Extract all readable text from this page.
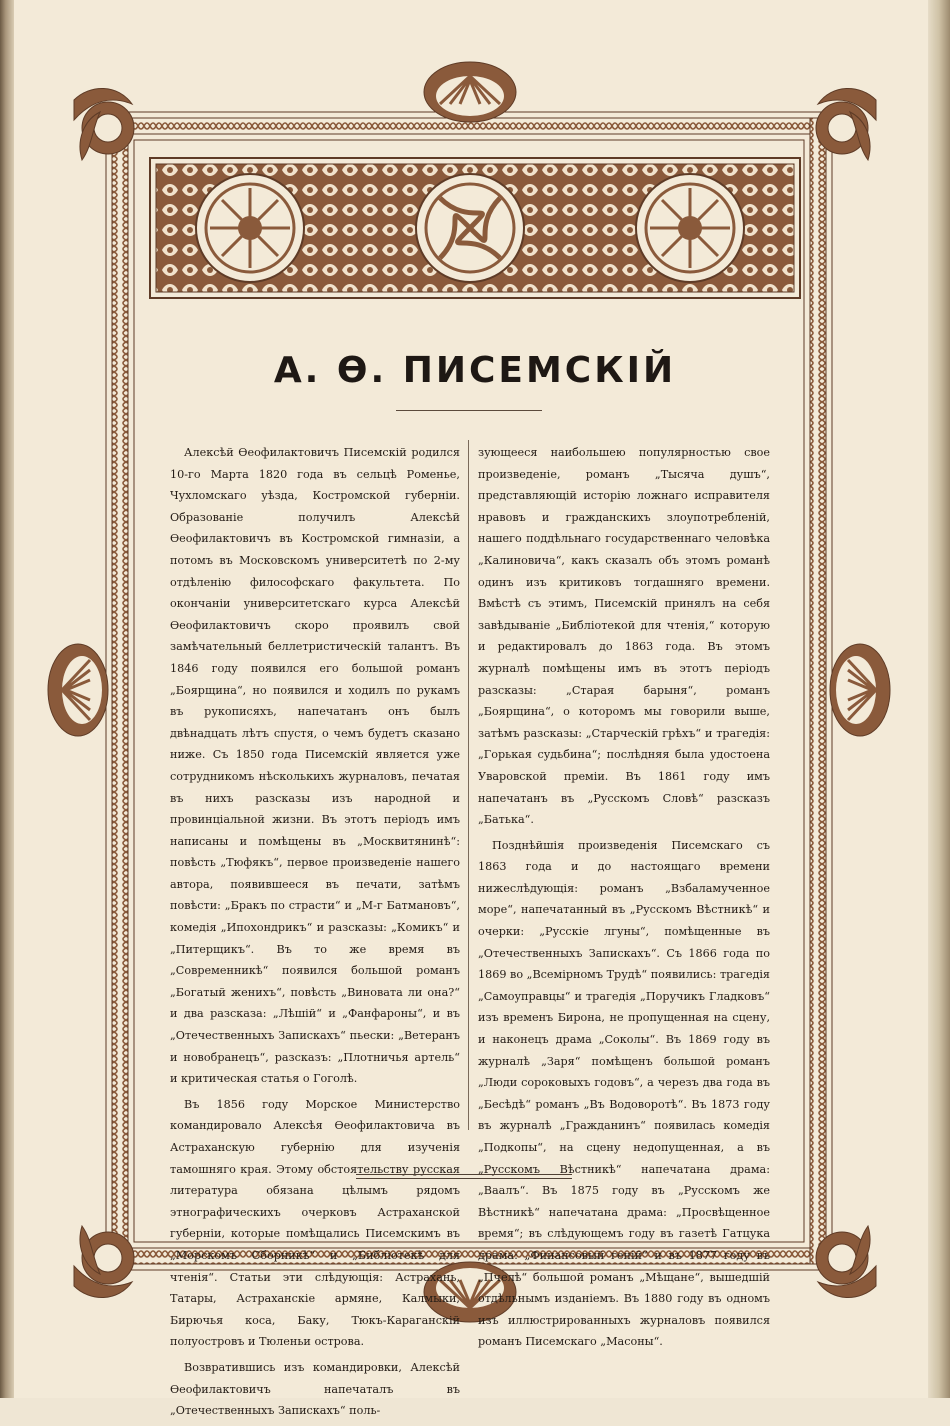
А. Ѳ. ПИСЕМСКІЙ

Алексѣй Ѳеофилактовичъ Писемскій родился 10-го Марта 1820 года въ сельцѣ Роменье, Чухломскаго уѣзда, Костромской губерніи. Образованіе получилъ Алексѣй Ѳеофилактовичъ въ Костромской гимназіи, а потомъ въ Московскомъ университетѣ по 2-му отдѣленію философскаго факультета. По окончаніи университетскаго курса Алексѣй Ѳеофилактовичъ скоро проявилъ свой замѣчательный беллетристическій талантъ. Въ 1846 году появился его большой романъ „Боярщина“, но появился и ходилъ по рукамъ въ рукописяхъ, напечатанъ онъ былъ двѣнадцать лѣтъ спустя, о чемъ будетъ сказано ниже. Съ 1850 года Писемскій является уже сотрудникомъ нѣсколькихъ журналовъ, печатая въ нихъ разсказы изъ народной и провинціальной жизни. Въ этотъ періодъ имъ написаны и помѣщены въ „Москвитянинѣ“: повѣсть „Тюфякъ“, первое произведеніе нашего автора, появившееся въ печати, затѣмъ повѣсти: „Бракъ по страсти“ и „М-г Батмановъ“, комедія „Ипохондрикъ“ и разсказы: „Комикъ“ и „Питерщикъ“. Въ то же время въ „Современникѣ“ появился большой романъ „Богатый женихъ“, повѣсть „Виновата ли она?“ и два разсказа: „Лѣшій“ и „Фанфароны“, и въ „Отечественныхъ Запискахъ“ пьески: „Ветеранъ и новобранецъ“, разсказъ: „Плотничья артель“ и критическая статья о Гоголѣ.

Въ 1856 году Морское Министерство командировало Алексѣя Ѳеофилактовича въ Астраханскую губернію для изученія тамошняго края. Этому обстоятельству русская литература обязана цѣлымъ рядомъ этнографическихъ очерковъ Астраханской губерніи, которые помѣщались Писемскимъ въ „Морскомъ Сборникѣ“ и „Библіотекѣ для чтенія“. Статьи эти слѣдующія: Астрахань, Татары, Астраханскіе армяне, Калмыки, Бирючья коса, Баку, Тюкъ-Караганскій полуостровъ и Тюленьи острова.

Возвратившись изъ командировки, Алексѣй Ѳеофилактовичъ напечаталъ въ „Отечественныхъ Запискахъ“ поль-

зующееся наибольшею популярностью свое произведеніе, романъ „Тысяча душъ“, представляющій исторію ложнаго исправителя нравовъ и гражданскихъ злоупотребленій, нашего поддѣльнаго государственнаго человѣка „Калиновича“, какъ сказалъ объ этомъ романѣ одинъ изъ критиковъ тогдашняго времени. Вмѣстѣ съ этимъ, Писемскій принялъ на себя завѣдываніе „Библіотекой для чтенія,“ которую и редактировалъ до 1863 года. Въ этомъ журналѣ помѣщены имъ въ этотъ періодъ разсказы: „Старая барыня“, романъ „Боярщина“, о которомъ мы говорили выше, затѣмъ разсказы: „Старческій грѣхъ“ и трагедія: „Горькая судьбина“; послѣдняя была удостоена Уваровской преміи. Въ 1861 году имъ напечатанъ въ „Русскомъ Словѣ“ разсказъ „Батька“.

Позднѣйшія произведенія Писемскаго съ 1863 года и до настоящаго времени нижеслѣдующія: романъ „Взбаламученное море“, напечатанный въ „Русскомъ Вѣстникѣ“ и очерки: „Русскіе лгуны“, помѣщенные въ „Отечественныхъ Запискахъ“. Съ 1866 года по 1869 во „Всемірномъ Трудѣ“ появились: трагедія „Самоуправцы“ и трагедія „Поручикъ Гладковъ“ изъ временъ Бирона, не пропущенная на сцену, и наконецъ драма „Соколы“. Въ 1869 году въ журналѣ „Заря“ помѣщенъ большой романъ „Люди сороковыхъ годовъ“, а черезъ два года въ „Бесѣдѣ“ романъ „Въ Водоворотѣ“. Въ 1873 году въ журналѣ „Гражданинъ“ появилась комедія „Подкопы“, на сцену недопущенная, а въ „Русскомъ Вѣстникѣ“ напечатана драма: „Ваалъ“. Въ 1875 году въ „Русскомъ же Вѣстникѣ“ напечатана драма: „Просвѣщенное время“; въ слѣдующемъ году въ газетѣ Гатцука драма: „Финансовый геній“ и въ 1877 году въ „Пчелѣ“ большой романъ „Мѣщане“, вышедшій отдѣльнымъ изданіемъ. Въ 1880 году въ одномъ изъ иллюстрированныхъ журналовъ появился романъ Писемскаго „Масоны“.
